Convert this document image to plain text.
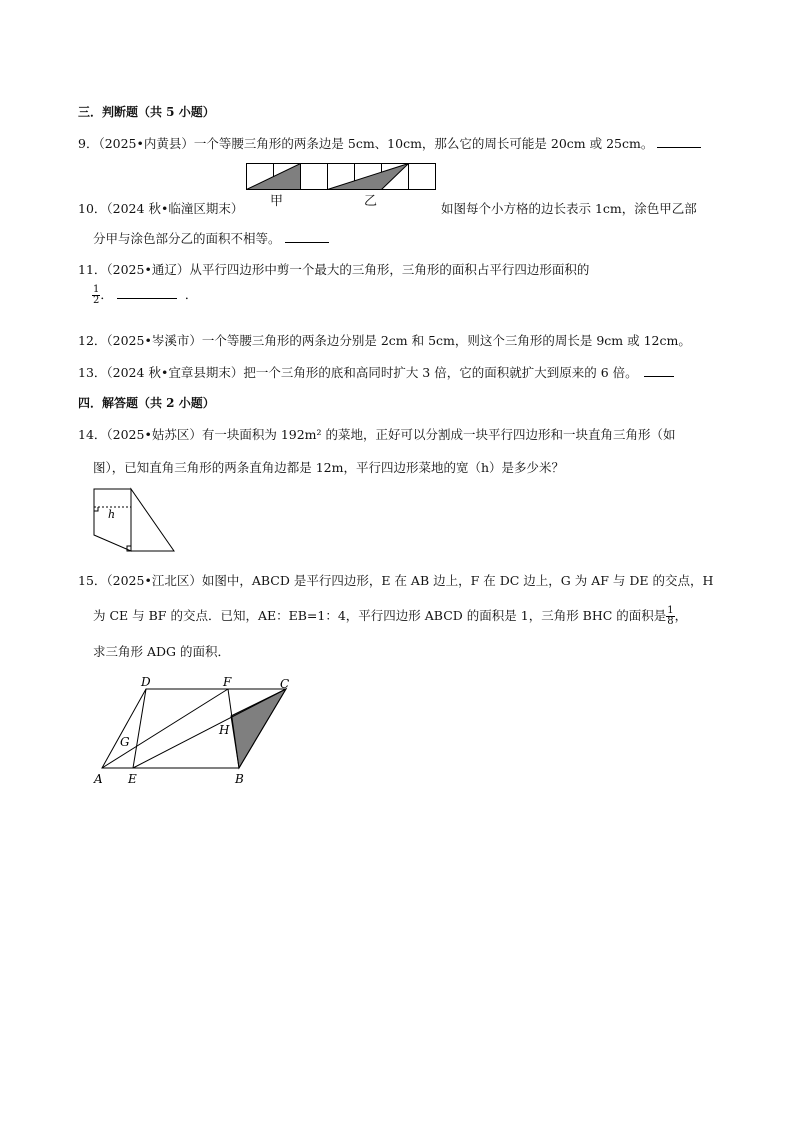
三．判断题（共 5 小题）
9．（2025•内黄县）一个等腰三角形的两条边是 5cm、10cm，那么它的周长可能是 20cm 或 25cm。
10．（2024 秋•临潼区期末） 甲	乙	如图每个小方格的边长表示 1cm，涂色甲乙部
分甲与涂色部分乙的面积不相等。
11．（2025•通辽）从平行四边形中剪一个最大的三角形，三角形的面积占平行四边形面积的
$\frac{1}{2}$ ．	．
12．（2025•岑溪市）一个等腰三角形的两条边分别是 2cm 和 5cm，则这个三角形的周长是 9cm 或 12cm。
13．（2024 秋•宜章县期末）把一个三角形的底和高同时扩大 3 倍，它的面积就扩大到原来的 6 倍。
四．解答题（共 2 小题）
14．（2025•姑苏区）有一块面积为 192m² 的菜地，正好可以分割成一块平行四边形和一块直角三角形（如
图），已知直角三角形的两条直角边都是 12m，平行四边形菜地的宽（h）是多少米？
h
15．（2025•江北区）如图中，ABCD 是平行四边形，E 在 AB 边上，F 在 DC 边上，G 为 AF 与 DE 的交点，H
为 CE 与 BF 的交点．已知，AE：EB=1：4，平行四边形 ABCD 的面积是 1，三角形 BHC 的面积是 $\frac{1}{8}$ ，
求三角形 ADG 的面积．
D	F	C
G
H
A E	B
